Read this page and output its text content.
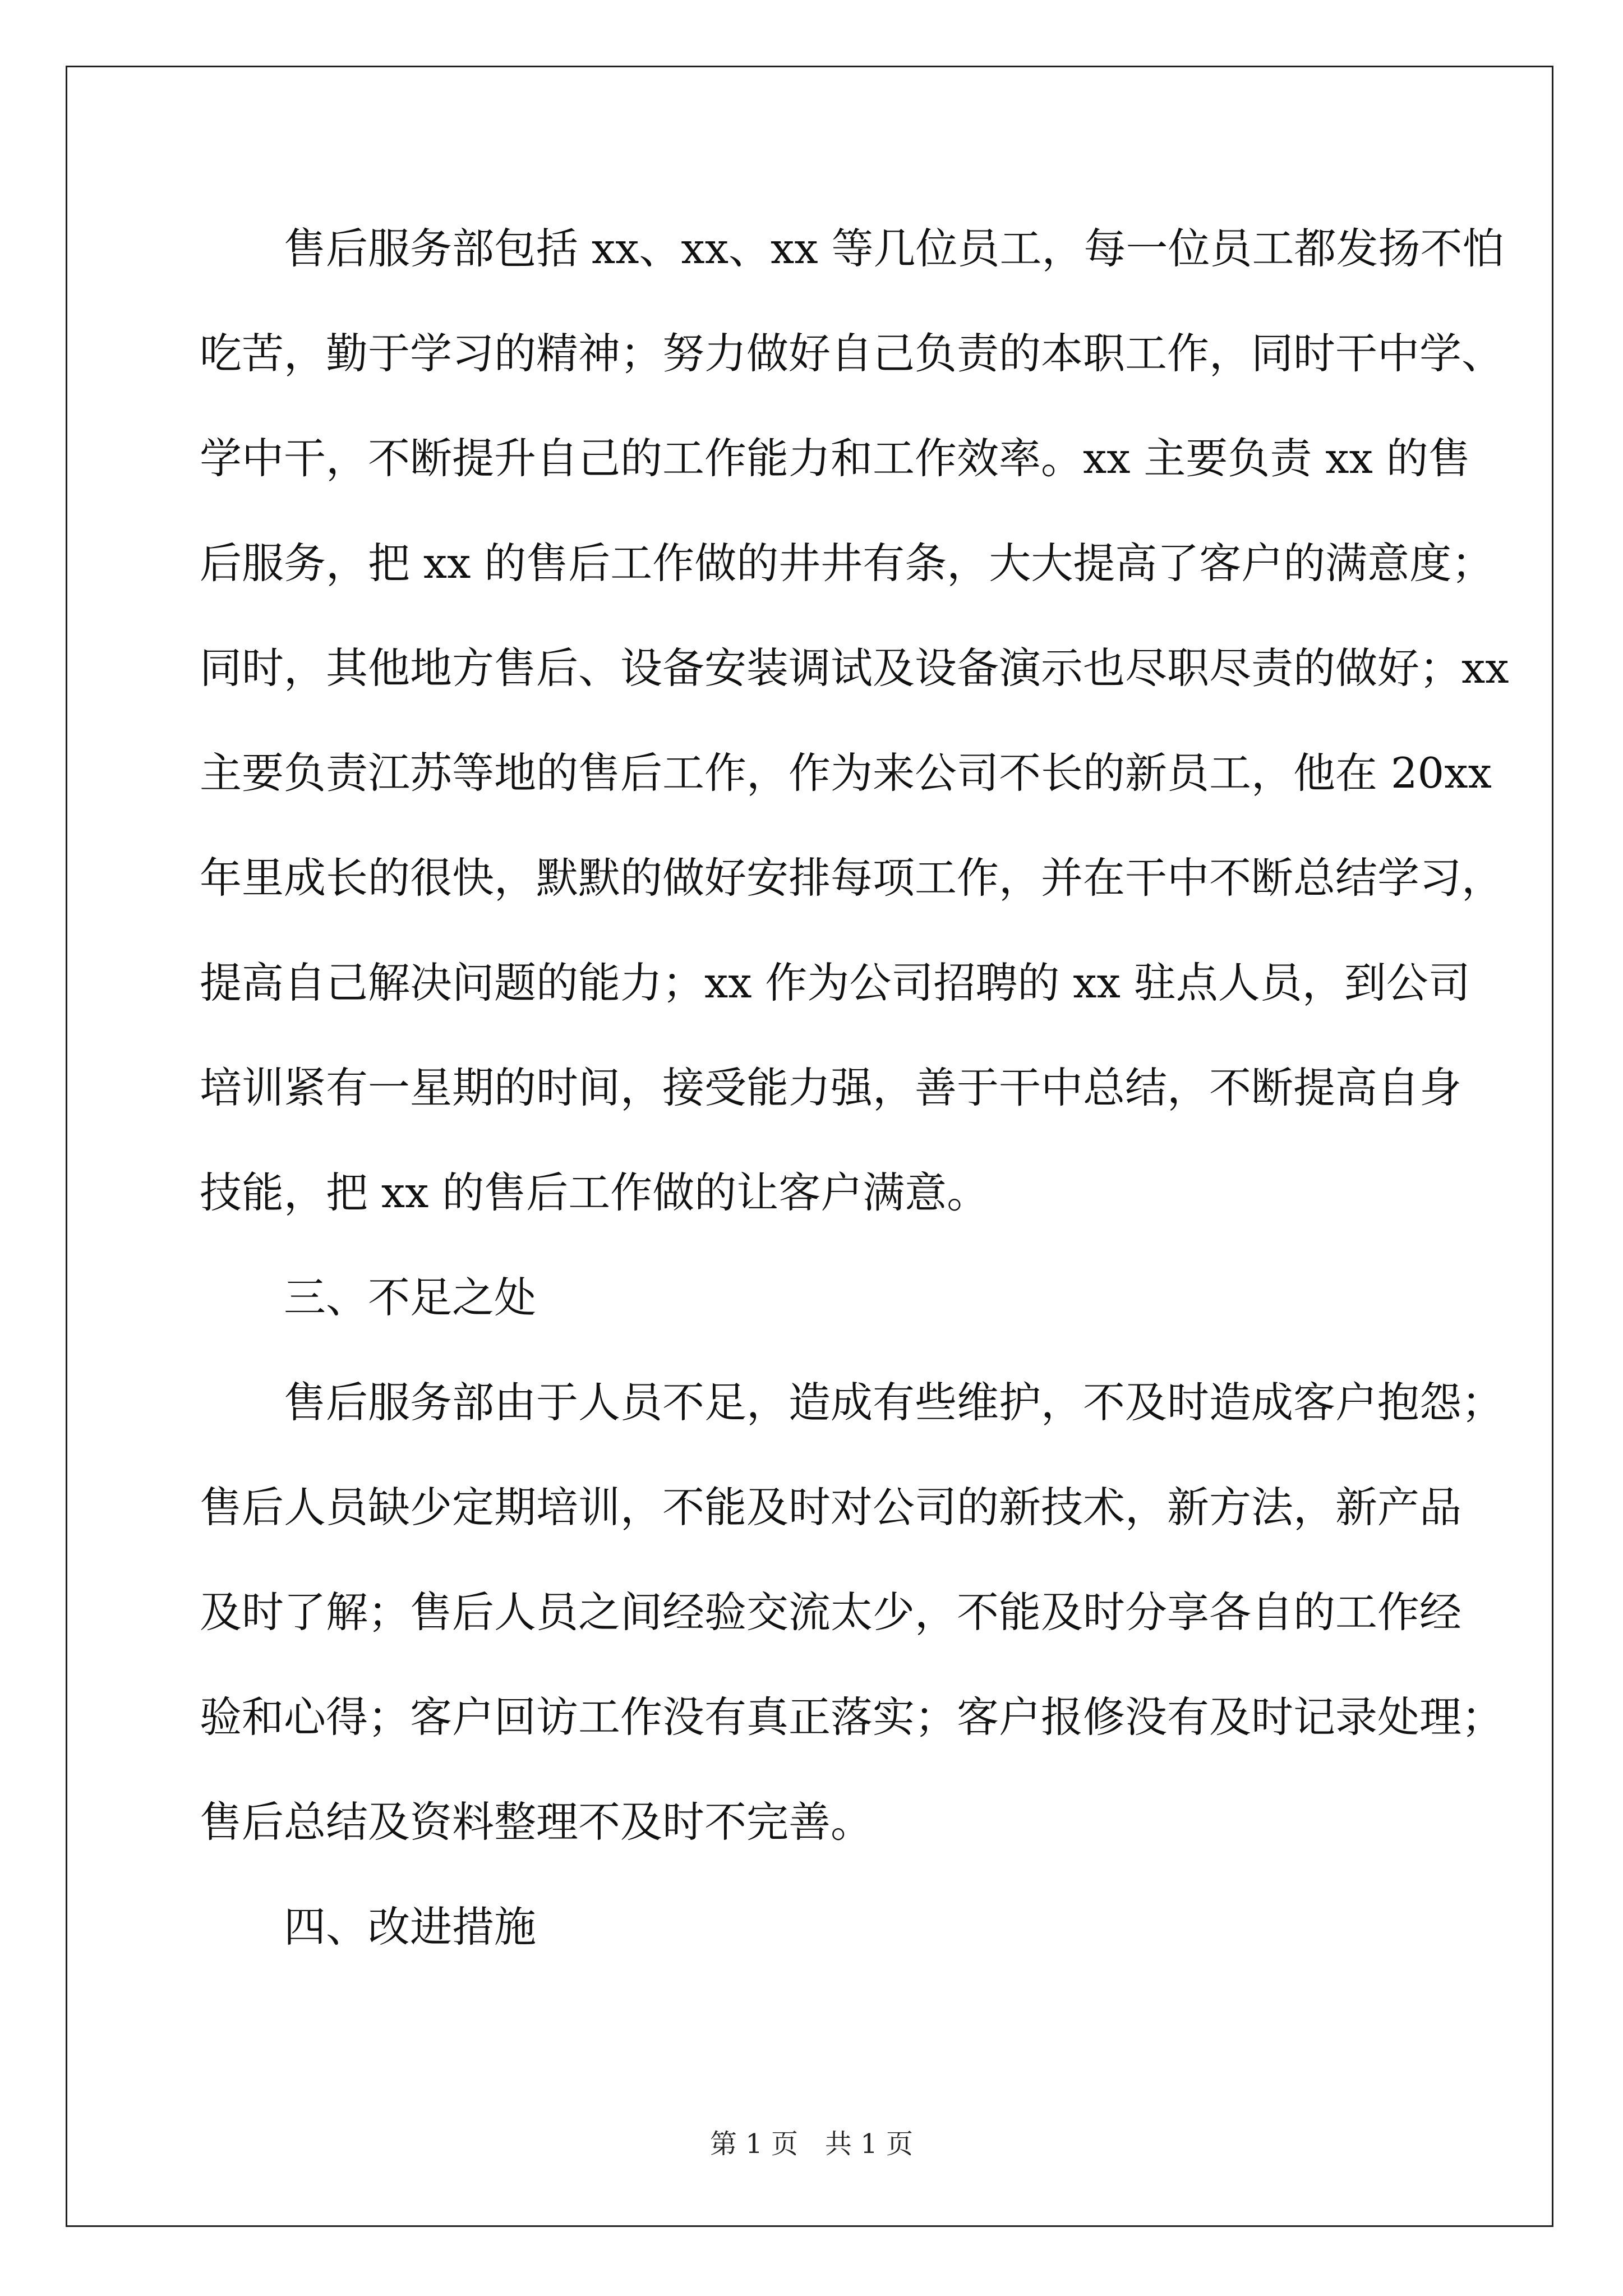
售后服务部包括 xx、xx、xx 等几位员工，每一位员工都发扬不怕
吃苦，勤于学习的精神；努力做好自己负责的本职工作，同时干中学、
学中干，不断提升自己的工作能力和工作效率。xx 主要负责 xx 的售
后服务，把 xx 的售后工作做的井井有条，大大提高了客户的满意度；
同时，其他地方售后、设备安装调试及设备演示也尽职尽责的做好；xx
主要负责江苏等地的售后工作，作为来公司不长的新员工，他在 20xx
年里成长的很快，默默的做好安排每项工作，并在干中不断总结学习，
提高自己解决问题的能力；xx 作为公司招聘的 xx 驻点人员，到公司
培训紧有一星期的时间，接受能力强，善于干中总结，不断提高自身
技能，把 xx 的售后工作做的让客户满意。
三、不足之处
售后服务部由于人员不足，造成有些维护，不及时造成客户抱怨；
售后人员缺少定期培训，不能及时对公司的新技术，新方法，新产品
及时了解；售后人员之间经验交流太少，不能及时分享各自的工作经
验和心得；客户回访工作没有真正落实；客户报修没有及时记录处理；
售后总结及资料整理不及时不完善。
四、改进措施
第 1 页　共 1 页
